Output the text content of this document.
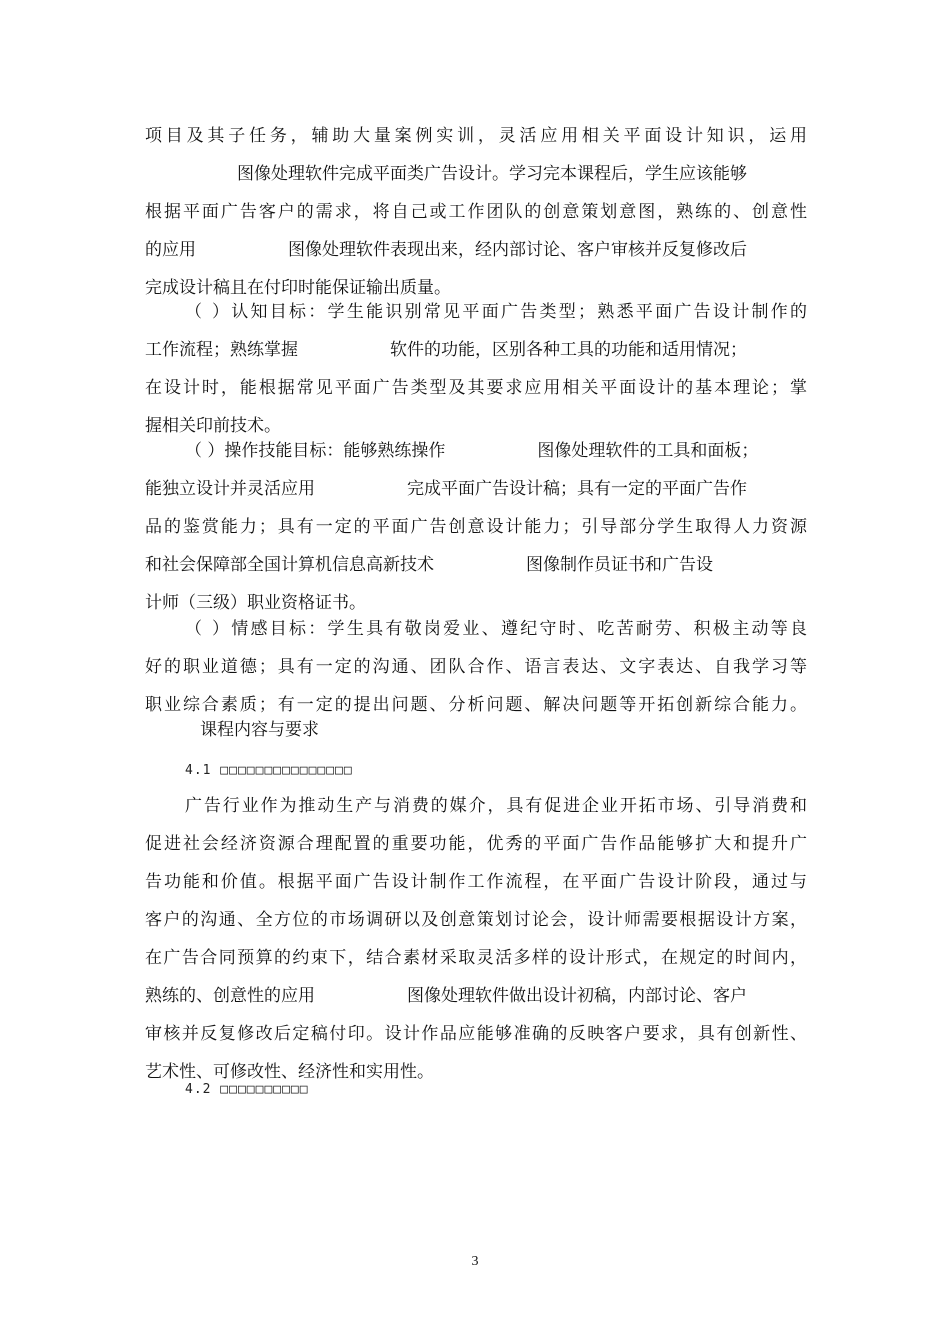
项目及其子任务，辅助大量案例实训，灵活应用相关平面设计知识，运用
图像处理软件完成平面类广告设计。学习完本课程后，学生应该能够
根据平面广告客户的需求，将自己或工作团队的创意策划意图，熟练的、创意性
的应用	图像处理软件表现出来，经内部讨论、客户审核并反复修改后
完成设计稿且在付印时能保证输出质量。
（ ）认知目标：学生能识别常见平面广告类型；熟悉平面广告设计制作的
工作流程；熟练掌握	软件的功能，区别各种工具的功能和适用情况；
在设计时，能根据常见平面广告类型及其要求应用相关平面设计的基本理论；掌
握相关印前技术。
（ ）操作技能目标：能够熟练操作	图像处理软件的工具和面板；
能独立设计并灵活应用	完成平面广告设计稿；具有一定的平面广告作
品的鉴赏能力；具有一定的平面广告创意设计能力；引导部分学生取得人力资源
和社会保障部全国计算机信息高新技术	图像制作员证书和广告设
计师（三级）职业资格证书。
（ ）情感目标：学生具有敬岗爱业、遵纪守时、吃苦耐劳、积极主动等良
好的职业道德；具有一定的沟通、团队合作、语言表达、文字表达、自我学习等
职业综合素质；有一定的提出问题、分析问题、解决问题等开拓创新综合能力。
课程内容与要求
4.1 □□□□□□□□□□□□□□□
广告行业作为推动生产与消费的媒介，具有促进企业开拓市场、引导消费和
促进社会经济资源合理配置的重要功能，优秀的平面广告作品能够扩大和提升广
告功能和价值。根据平面广告设计制作工作流程，在平面广告设计阶段，通过与
客户的沟通、全方位的市场调研以及创意策划讨论会，设计师需要根据设计方案，
在广告合同预算的约束下，结合素材采取灵活多样的设计形式，在规定的时间内，
熟练的、创意性的应用	图像处理软件做出设计初稿，内部讨论、客户
审核并反复修改后定稿付印。设计作品应能够准确的反映客户要求，具有创新性、
艺术性、可修改性、经济性和实用性。
4.2 □□□□□□□□□□
3
